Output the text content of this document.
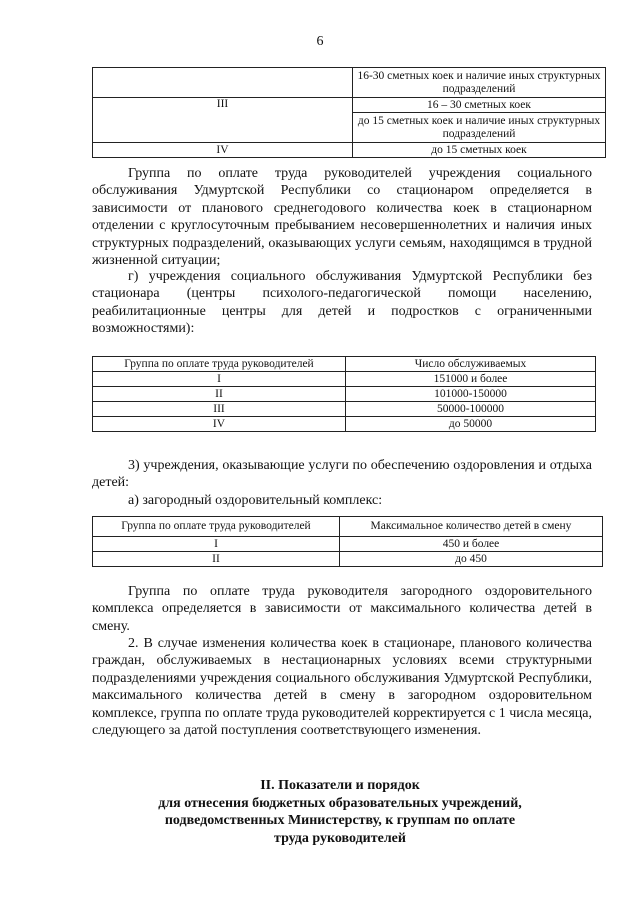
6
	16-30 сметных коек и наличие иных структурных подразделений
III	16 – 30 сметных коек
	до 15 сметных коек и наличие иных структурных подразделений
IV	до 15 сметных коек

Группа по оплате труда руководителей учреждения социального обслуживания Удмуртской Республики со стационаром определяется в зависимости от планового среднегодового количества коек в стационарном отделении с круглосуточным пребыванием несовершеннолетних и наличия иных структурных подразделений, оказывающих услуги семьям, находящимся в трудной жизненной ситуации;

г) учреждения социального обслуживания Удмуртской Республики без стационара (центры психолого-педагогической помощи населению, реабилитационные центры для детей и подростков с ограниченными возможностями):

Группа по оплате труда руководителей	Число обслуживаемых
I	151000 и более
II	101000-150000
III	50000-100000
IV	до 50000

3) учреждения, оказывающие услуги по обеспечению оздоровления и отдыха детей:

а) загородный оздоровительный комплекс:

Группа по оплате труда руководителей	Максимальное количество детей в смену
I	450 и более
II	до 450

Группа по оплате труда руководителя загородного оздоровительного комплекса определяется в зависимости от максимального количества детей в смену.

2. В случае изменения количества коек в стационаре, планового количества граждан, обслуживаемых в нестационарных условиях всеми структурными подразделениями учреждения социального обслуживания Удмуртской Республики, максимального количества детей в смену в загородном оздоровительном комплексе, группа по оплате труда руководителей корректируется с 1 числа месяца, следующего за датой поступления соответствующего изменения.

II. Показатели и порядок
для отнесения бюджетных образовательных учреждений,
подведомственных Министерству, к группам по оплате
труда руководителей
